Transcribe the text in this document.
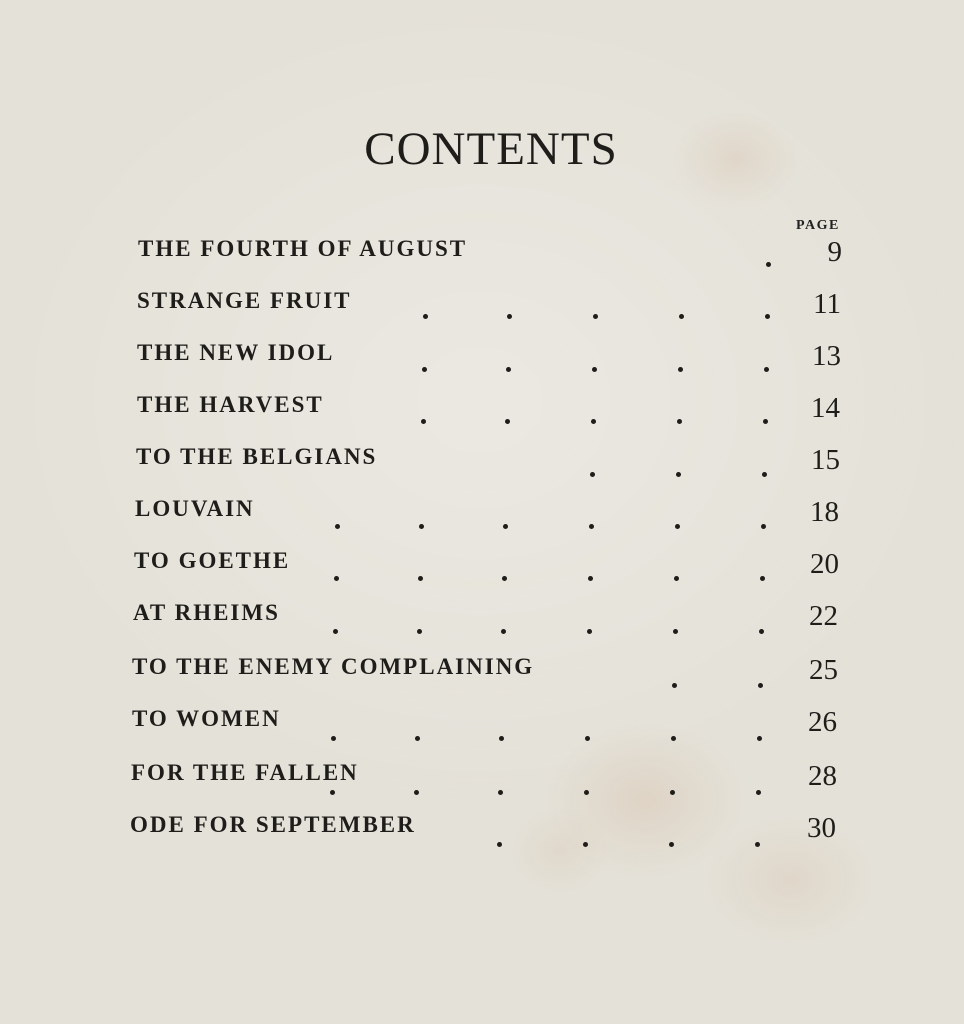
CONTENTS
PAGE
THE FOURTH OF AUGUST	9
STRANGE FRUIT	11
THE NEW IDOL	13
THE HARVEST	14
TO THE BELGIANS	15
LOUVAIN	18
TO GOETHE	20
AT RHEIMS	22
TO THE ENEMY COMPLAINING	25
TO WOMEN	26
FOR THE FALLEN	28
ODE FOR SEPTEMBER	30
